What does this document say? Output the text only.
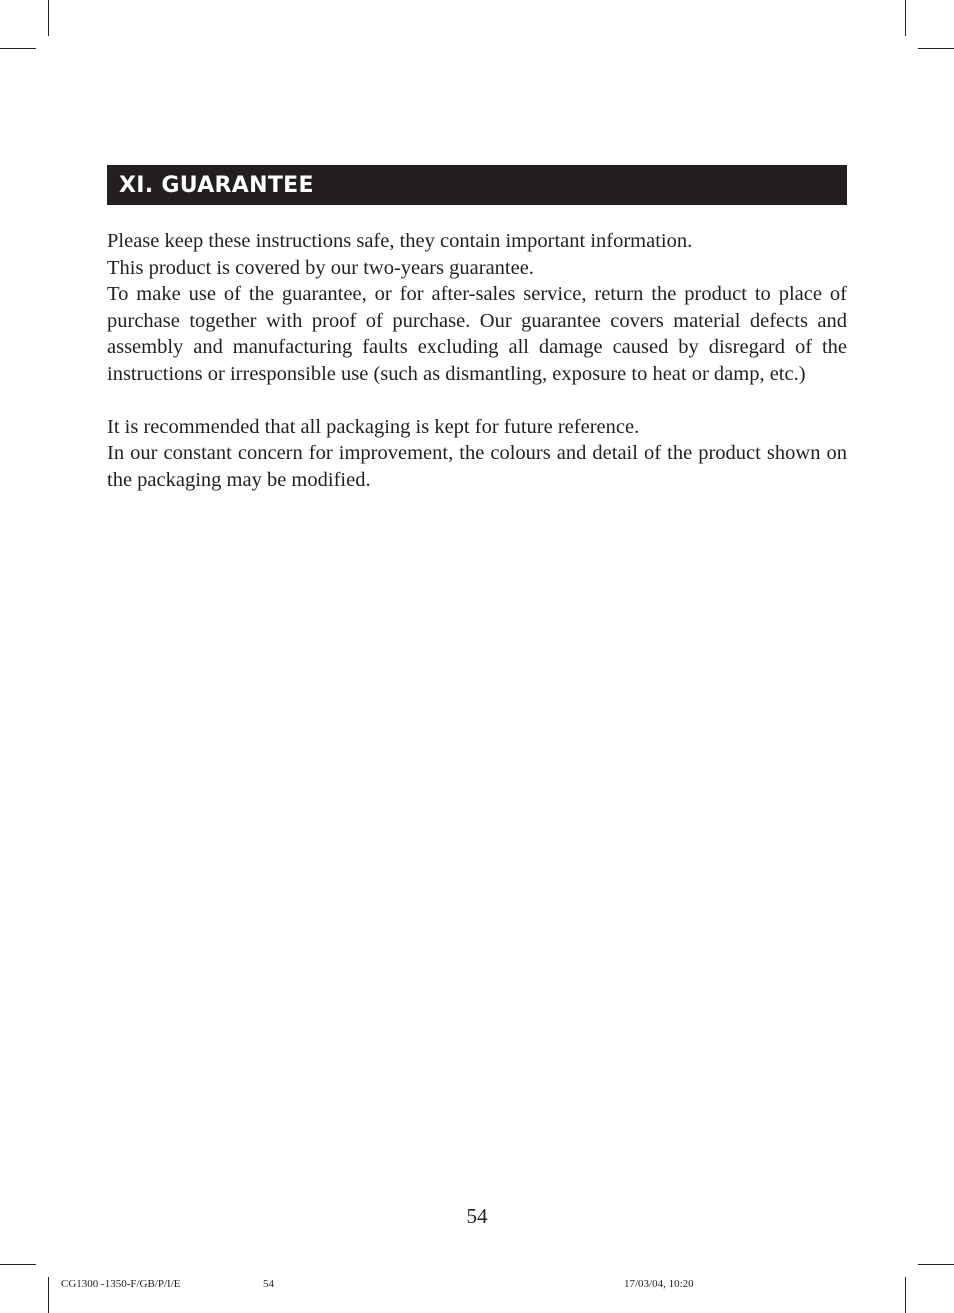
XI. GUARANTEE

Please keep these instructions safe, they contain important information.

This product is covered by our two-years guarantee.

To make use of the guarantee, or for after-sales service, return the product to place of purchase together with proof of purchase. Our guarantee covers material defects and assembly and manufacturing faults excluding all damage caused by disregard of the instructions or irresponsible use (such as dismantling, exposure to heat or damp, etc.)

It is recommended that all packaging is kept for future reference.

In our constant concern for improvement, the colours and detail of the product shown on the packaging may be modified.

54
CG1300 -1350-F/GB/P/I/E	54	17/03/04, 10:20
